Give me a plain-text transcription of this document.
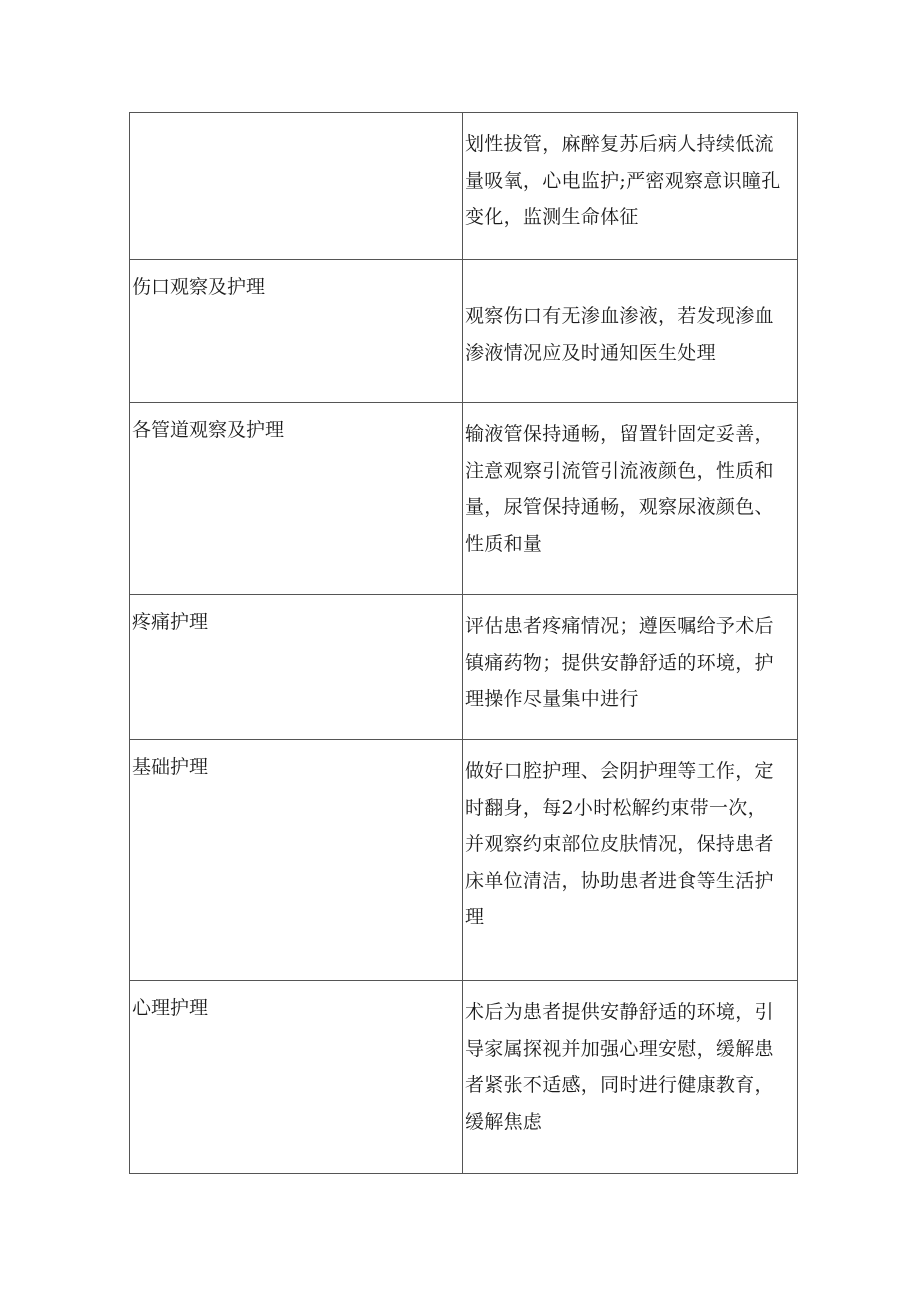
	划性拔管，麻醉复苏后病人持续低流
量吸氧，心电监护;严密观察意识瞳孔
变化，监测生命体征

伤口观察及护理	观察伤口有无渗血渗液，若发现渗血
渗液情况应及时通知医生处理

各管道观察及护理	输液管保持通畅，留置针固定妥善，
注意观察引流管引流液颜色，性质和
量，尿管保持通畅，观察尿液颜色、
性质和量

疼痛护理	评估患者疼痛情况；遵医嘱给予术后
镇痛药物；提供安静舒适的环境，护
理操作尽量集中进行

基础护理	做好口腔护理、会阴护理等工作，定
时翻身，每2小时松解约束带一次，
并观察约束部位皮肤情况，保持患者
床单位清洁，协助患者进食等生活护
理

心理护理	术后为患者提供安静舒适的环境，引
导家属探视并加强心理安慰，缓解患
者紧张不适感，同时进行健康教育，
缓解焦虑
